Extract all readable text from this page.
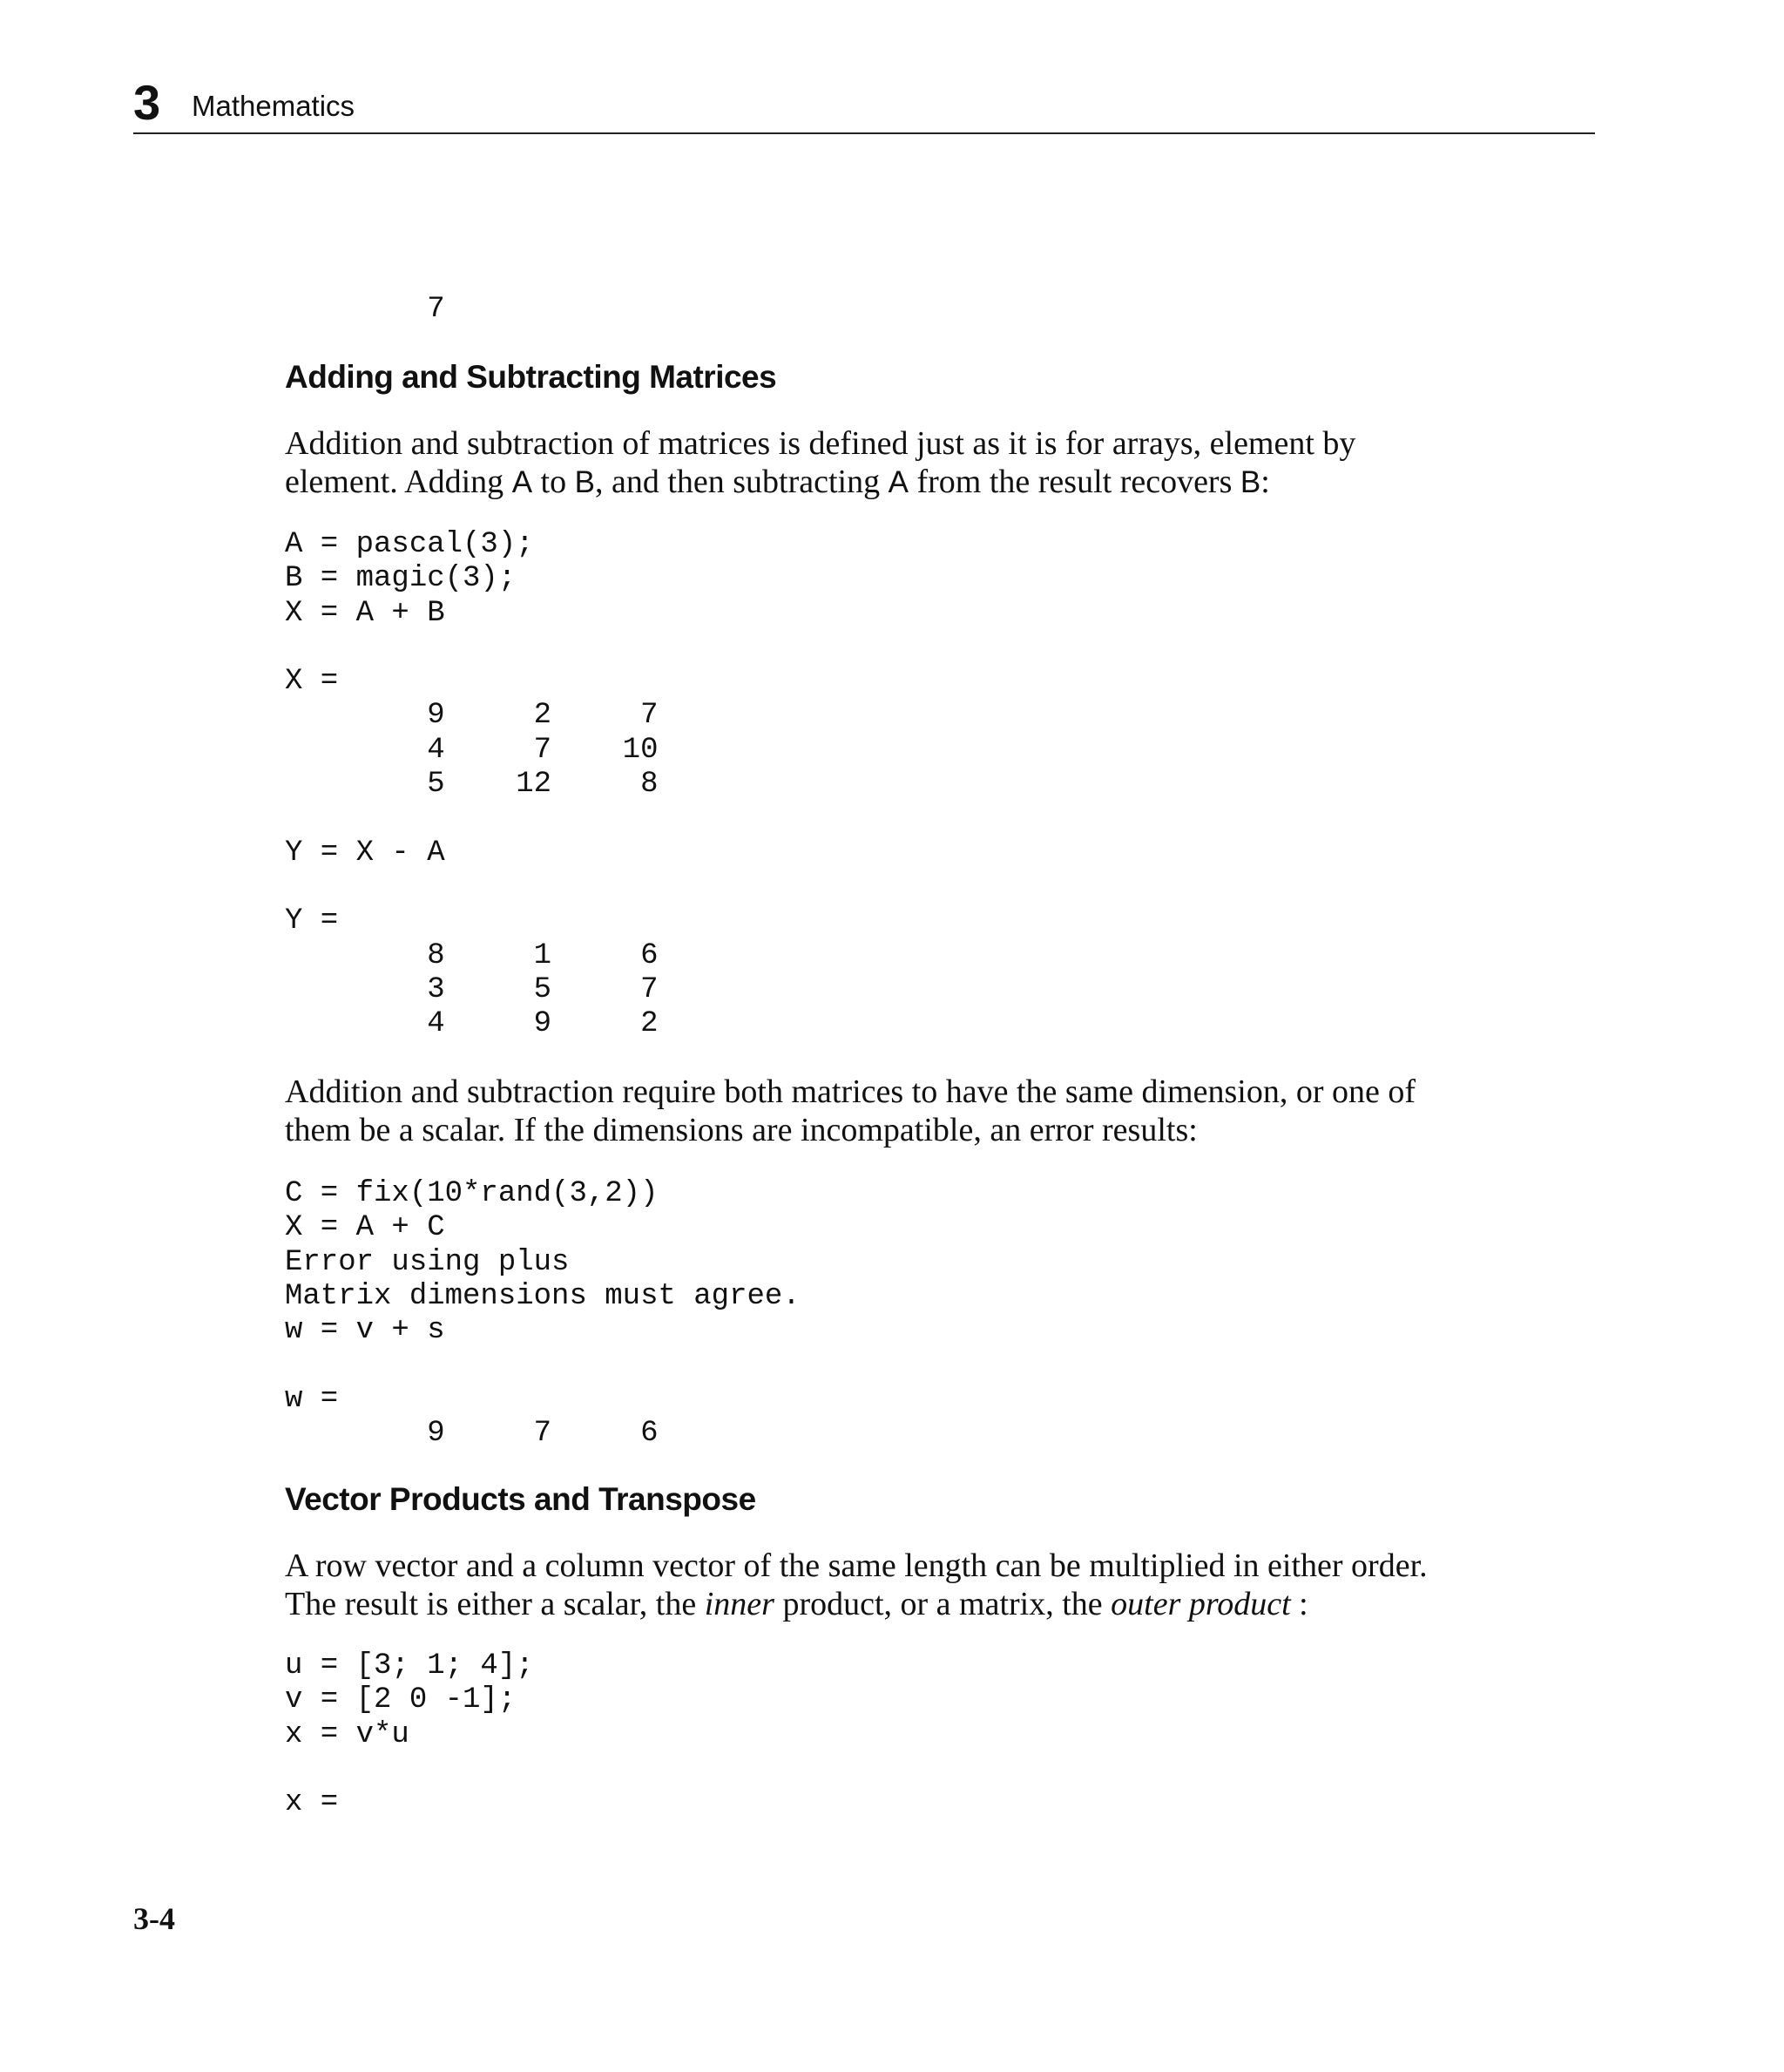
3 Mathematics
7
Adding and Subtracting Matrices

Addition and subtraction of matrices is defined just as it is for arrays, element by
element. Adding A to B, and then subtracting A from the result recovers B:

A = pascal(3);
B = magic(3);
X = A + B

X =
9     2     7
4     7    10
5    12     8

Y = X - A

Y =
8     1     6
3     5     7
4     9     2

Addition and subtraction require both matrices to have the same dimension, or one of
them be a scalar. If the dimensions are incompatible, an error results:

C = fix(10*rand(3,2))
X = A + C
Error using plus
Matrix dimensions must agree.
w = v + s

w =
9     7     6
Vector Products and Transpose

A row vector and a column vector of the same length can be multiplied in either order.
The result is either a scalar, the inner product, or a matrix, the outer product :

u = [3; 1; 4];
v = [2 0 -1];
x = v*u

x =
3-4
